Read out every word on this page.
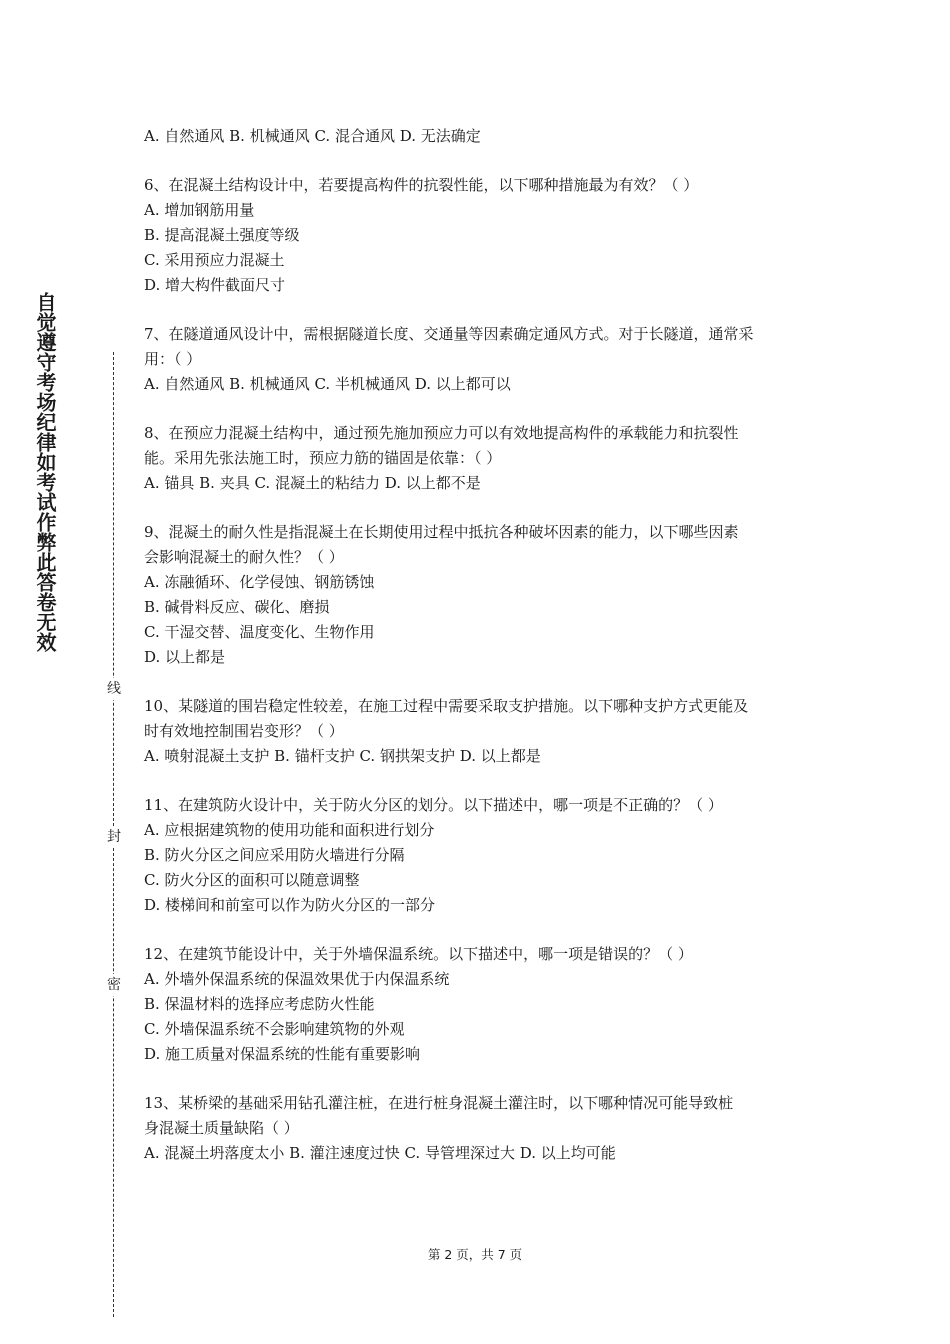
自觉遵守考场纪律如考试作弊此答卷无效
线
封
密
A. 自然通风 B. 机械通风 C. 混合通风 D. 无法确定
6、在混凝土结构设计中，若要提高构件的抗裂性能，以下哪种措施最为有效？（ ）
A. 增加钢筋用量
B. 提高混凝土强度等级
C. 采用预应力混凝土
D. 增大构件截面尺寸
7、在隧道通风设计中，需根据隧道长度、交通量等因素确定通风方式。对于长隧道，通常采
用：（ ）
A. 自然通风 B. 机械通风 C. 半机械通风 D. 以上都可以
8、在预应力混凝土结构中，通过预先施加预应力可以有效地提高构件的承载能力和抗裂性
能。采用先张法施工时，预应力筋的锚固是依靠：（ ）
A. 锚具 B. 夹具 C. 混凝土的粘结力 D. 以上都不是
9、混凝土的耐久性是指混凝土在长期使用过程中抵抗各种破坏因素的能力，以下哪些因素
会影响混凝土的耐久性？（ ）
A. 冻融循环、化学侵蚀、钢筋锈蚀
B. 碱骨料反应、碳化、磨损
C. 干湿交替、温度变化、生物作用
D. 以上都是
10、某隧道的围岩稳定性较差，在施工过程中需要采取支护措施。以下哪种支护方式更能及
时有效地控制围岩变形？（ ）
A. 喷射混凝土支护 B. 锚杆支护 C. 钢拱架支护 D. 以上都是
11、在建筑防火设计中，关于防火分区的划分。以下描述中，哪一项是不正确的？（ ）
A. 应根据建筑物的使用功能和面积进行划分
B. 防火分区之间应采用防火墙进行分隔
C. 防火分区的面积可以随意调整
D. 楼梯间和前室可以作为防火分区的一部分
12、在建筑节能设计中，关于外墙保温系统。以下描述中，哪一项是错误的？（ ）
A. 外墙外保温系统的保温效果优于内保温系统
B. 保温材料的选择应考虑防火性能
C. 外墙保温系统不会影响建筑物的外观
D. 施工质量对保温系统的性能有重要影响
13、某桥梁的基础采用钻孔灌注桩，在进行桩身混凝土灌注时，以下哪种情况可能导致桩
身混凝土质量缺陷（ ）
A. 混凝土坍落度太小 B. 灌注速度过快 C. 导管埋深过大 D. 以上均可能
第 2 页，共 7 页
